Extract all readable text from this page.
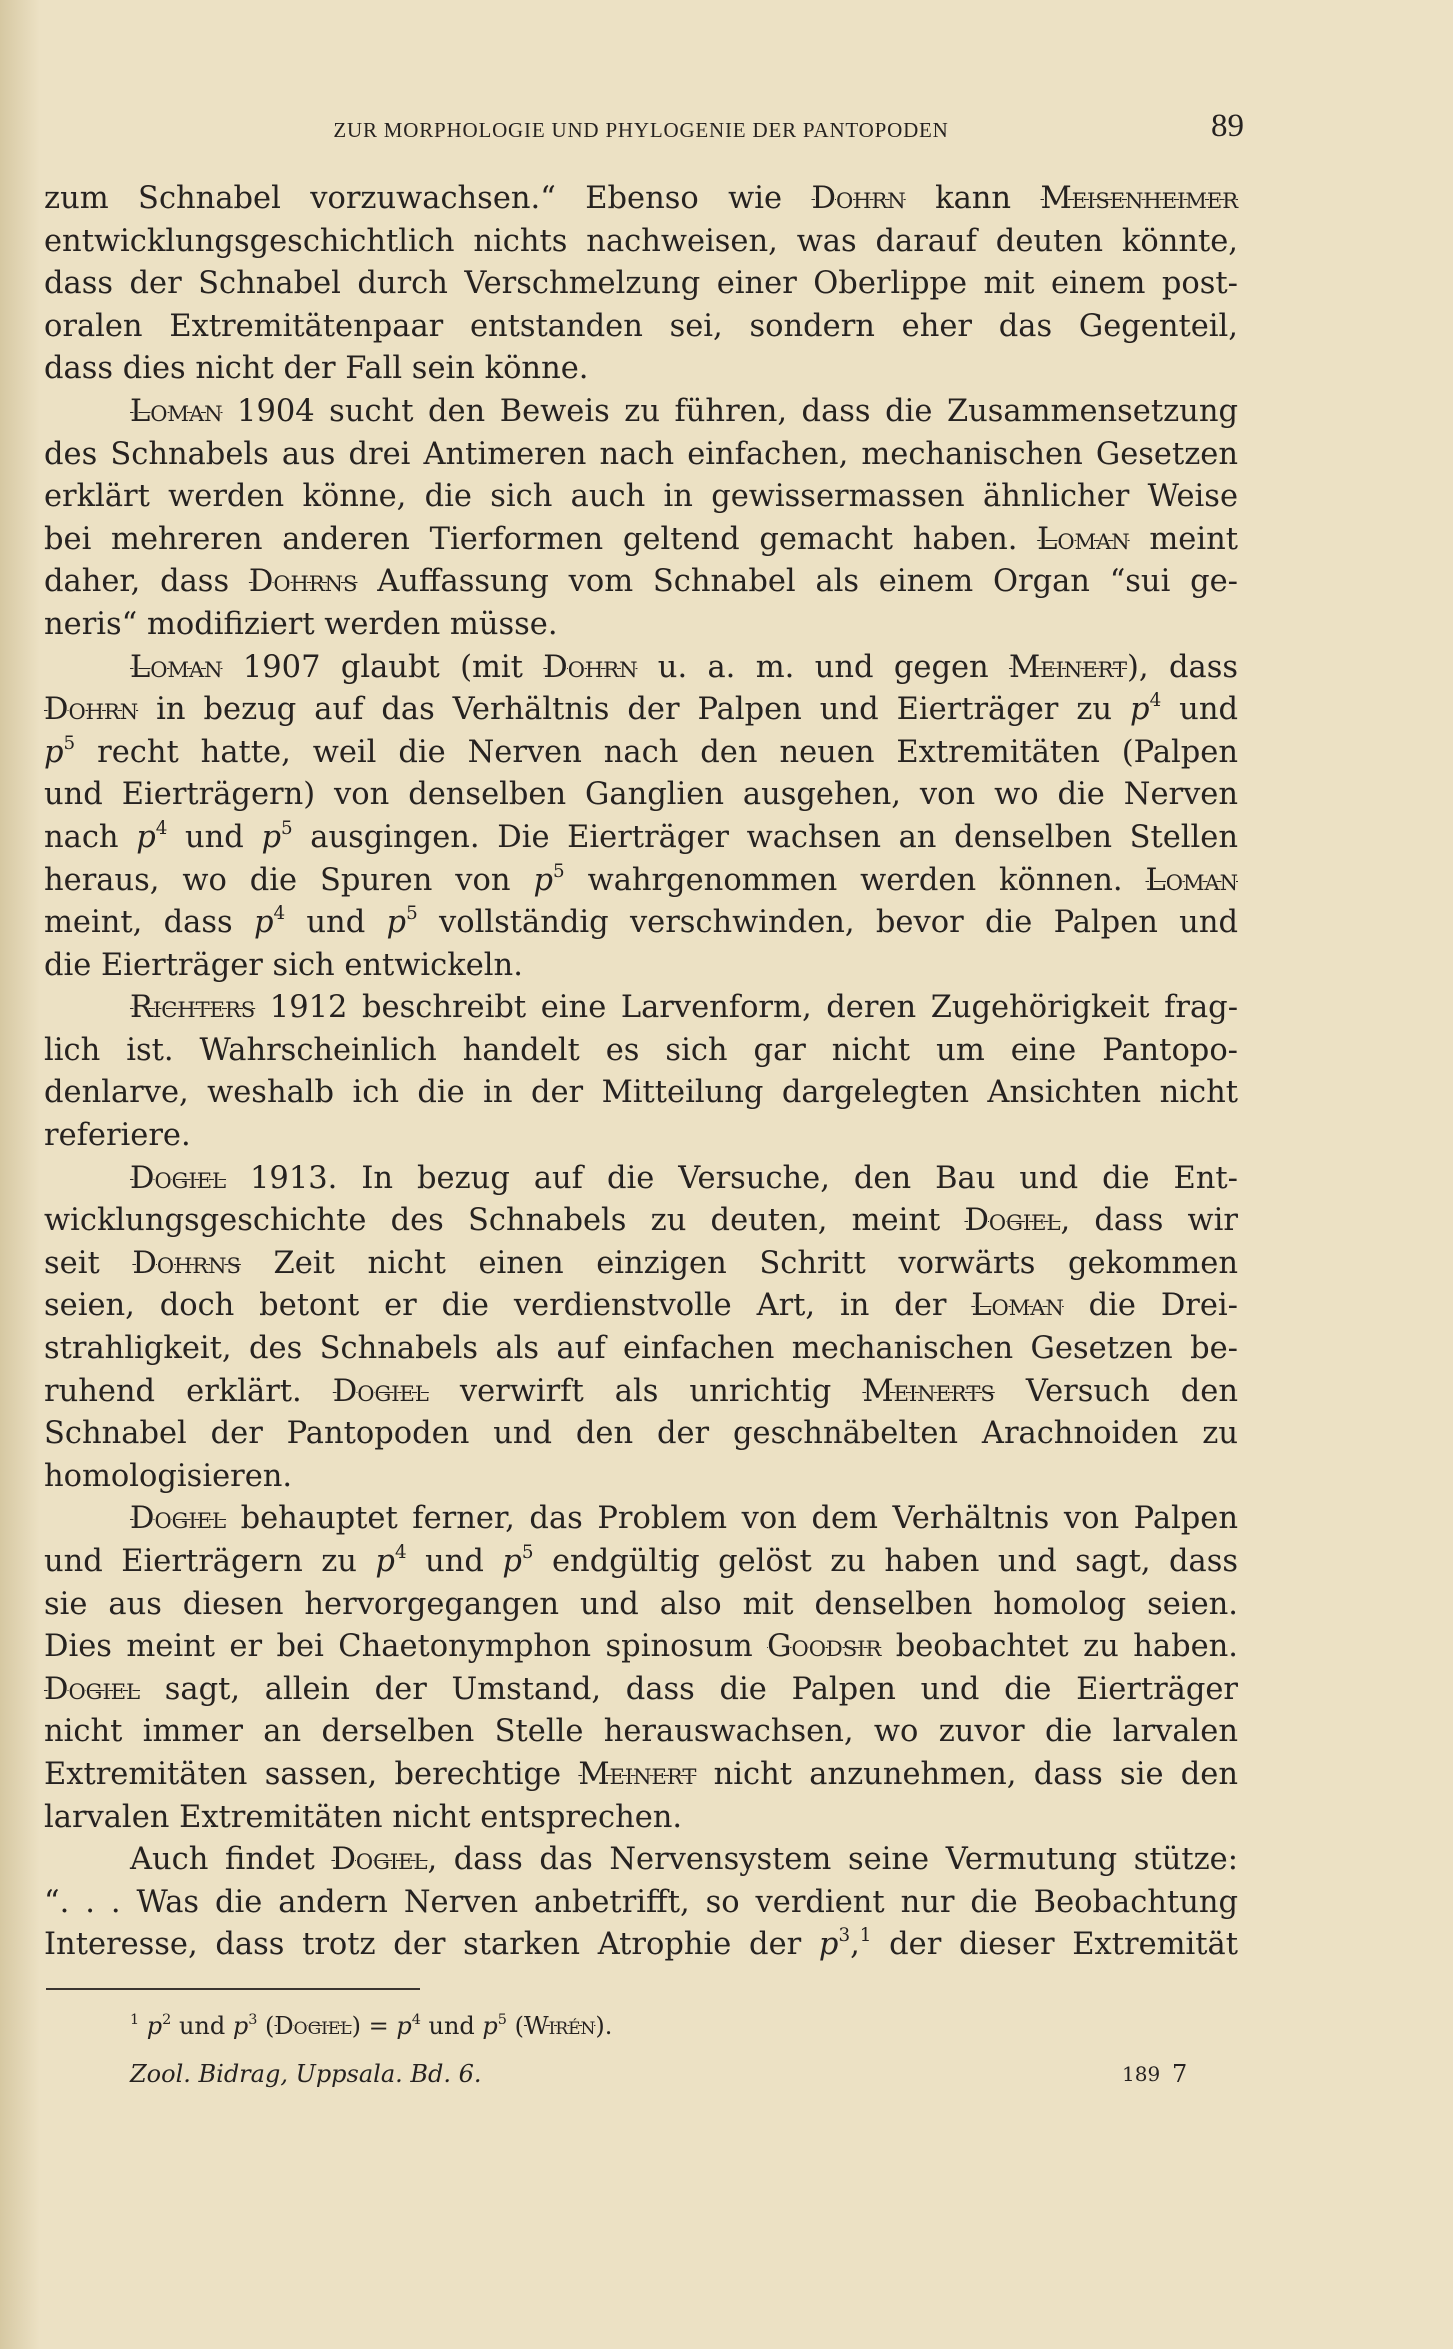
ZUR MORPHOLOGIE UND PHYLOGENIE DER PANTOPODEN	89
zum Schnabel vorzuwachsen.“ Ebenso wie Dohrn kann Meisenheimer
entwicklungsgeschichtlich nichts nachweisen, was darauf deuten könnte,
dass der Schnabel durch Verschmelzung einer Oberlippe mit einem post-
oralen Extremitätenpaar entstanden sei, sondern eher das Gegenteil,
dass dies nicht der Fall sein könne.
Loman 1904 sucht den Beweis zu führen, dass die Zusammensetzung
des Schnabels aus drei Antimeren nach einfachen, mechanischen Gesetzen
erklärt werden könne, die sich auch in gewissermassen ähnlicher Weise
bei mehreren anderen Tierformen geltend gemacht haben. Loman meint
daher, dass Dohrns Auffassung vom Schnabel als einem Organ “sui ge-
neris“ modifiziert werden müsse.
Loman 1907 glaubt (mit Dohrn u. a. m. und gegen Meinert), dass
Dohrn in bezug auf das Verhältnis der Palpen und Eierträger zu $p^4$ und
$p^5$ recht hatte, weil die Nerven nach den neuen Extremitäten (Palpen
und Eierträgern) von denselben Ganglien ausgehen, von wo die Nerven
nach $p^4$ und $p^5$ ausgingen. Die Eierträger wachsen an denselben Stellen
heraus, wo die Spuren von $p^5$ wahrgenommen werden können. Loman
meint, dass $p^4$ und $p^5$ vollständig verschwinden, bevor die Palpen und
die Eierträger sich entwickeln.
Richters 1912 beschreibt eine Larvenform, deren Zugehörigkeit frag-
lich ist. Wahrscheinlich handelt es sich gar nicht um eine Pantopo-
denlarve, weshalb ich die in der Mitteilung dargelegten Ansichten nicht
referiere.
Dogiel 1913. In bezug auf die Versuche, den Bau und die Ent-
wicklungsgeschichte des Schnabels zu deuten, meint Dogiel, dass wir
seit Dohrns Zeit nicht einen einzigen Schritt vorwärts gekommen
seien, doch betont er die verdienstvolle Art, in der Loman die Drei-
strahligkeit, des Schnabels als auf einfachen mechanischen Gesetzen be-
ruhend erklärt. Dogiel verwirft als unrichtig Meinerts Versuch den
Schnabel der Pantopoden und den der geschnäbelten Arachnoiden zu
homologisieren.
Dogiel behauptet ferner, das Problem von dem Verhältnis von Palpen
und Eierträgern zu $p^4$ und $p^5$ endgültig gelöst zu haben und sagt, dass
sie aus diesen hervorgegangen und also mit denselben homolog seien.
Dies meint er bei Chaetonymphon spinosum Goodsir beobachtet zu haben.
Dogiel sagt, allein der Umstand, dass die Palpen und die Eierträger
nicht immer an derselben Stelle herauswachsen, wo zuvor die larvalen
Extremitäten sassen, berechtige Meinert nicht anzunehmen, dass sie den
larvalen Extremitäten nicht entsprechen.
Auch findet Dogiel, dass das Nervensystem seine Vermutung stütze:
“. . . Was die andern Nerven anbetrifft, so verdient nur die Beobachtung
Interesse, dass trotz der starken Atrophie der $p^3,^1$ der dieser Extremität
$^1$ $p^2$ und $p^3$ (Dogiel) = $p^4$ und $p^5$ (Wirén).
Zool. Bidrag, Uppsala. Bd. 6.	189 7
